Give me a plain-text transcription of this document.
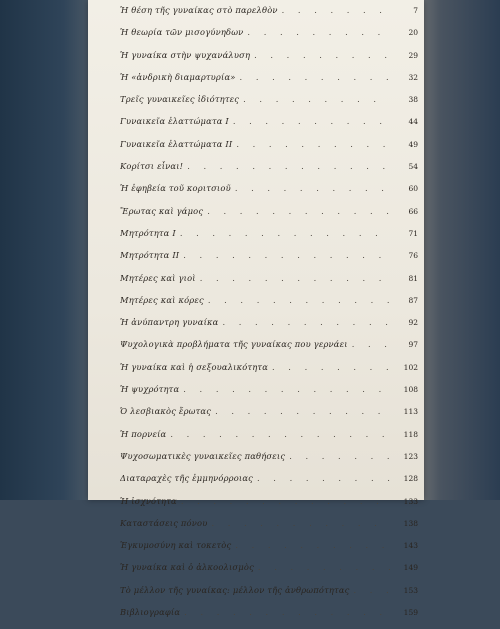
Ἡ θέση τῆς γυναίκας στὸ παρελθὸν . . .	7
Ἡ θεωρία τῶν μισογύνηδων . . .	20
Ἡ γυναίκα στὴν ψυχανάλυση . . .	29
Ἡ «ἀνδρικὴ διαμαρτυρία» . . .	32
Τρεῖς γυναικεῖες ἰδιότητες . . .	38
Γυναικεῖα ἐλαττώματα I . . .	44
Γυναικεῖα ἐλαττώματα II . . .	49
Κορίτσι εἶναι! . . .	54
Ἡ ἐφηβεία τοῦ κοριτσιοῦ . . .	60
Ἔρωτας καὶ γάμος . . .	66
Μητρότητα I . . .	71
Μητρότητα II . . .	76
Μητέρες καὶ γιοὶ . . .	81
Μητέρες καὶ κόρες . . .	87
Ἡ ἀνύπαντρη γυναίκα . . .	92
Ψυχολογικὰ προβλήματα τῆς γυναίκας που γερνάει . . .	97
Ἡ γυναίκα καὶ ἡ σεξουαλικότητα . . .	102
Ἡ ψυχρότητα . . .	108
Ὁ λεσβιακὸς ἔρωτας . . .	113
Ἡ πορνεία . . .	118
Ψυχοσωματικὲς γυναικεῖες παθήσεις . . .	123
Διαταραχὲς τῆς ἐμμηνόρροιας . . .	128
Ἡ ἰσχνότητα . . .	133
Καταστάσεις πόνου . . .	138
Ἐγκυμοσύνη καὶ τοκετὸς . . .	143
Ἡ γυναίκα καὶ ὁ ἀλκοολισμὸς . . .	149
Τὸ μέλλον τῆς γυναίκας: μέλλον τῆς ἀνθρωπότητας . . .	153
Βιβλιογραφία . . .	159
